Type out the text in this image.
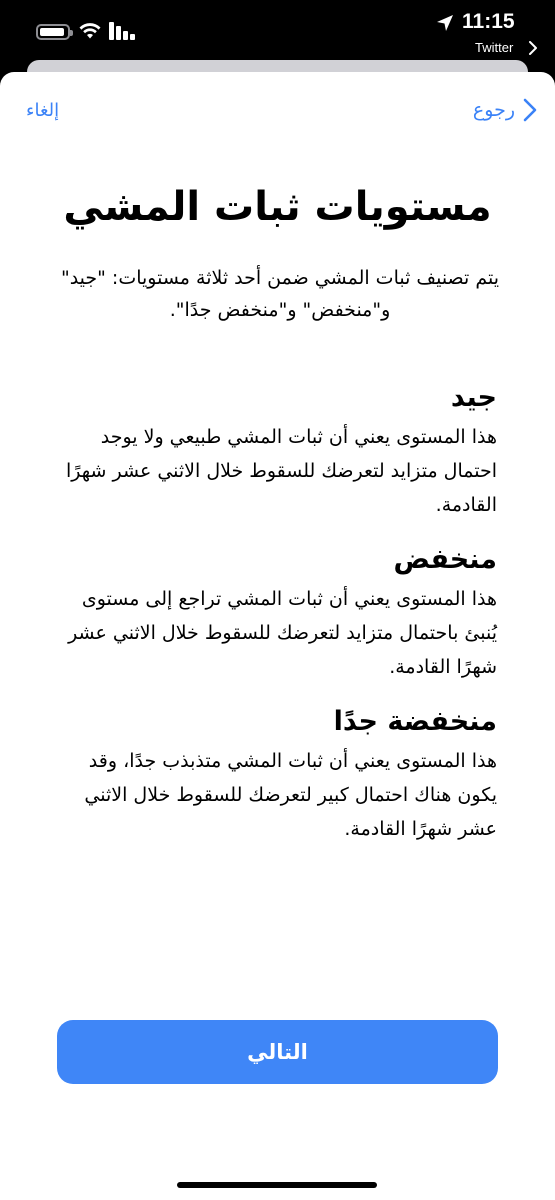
11:15
Twitter
رجوع
إلغاء
مستويات ثبات المشي
يتم تصنيف ثبات المشي ضمن أحد ثلاثة مستويات: "جيد" و"منخفض" و"منخفض جدًا".
جيد

هذا المستوى يعني أن ثبات المشي طبيعي ولا يوجد احتمال متزايد لتعرضك للسقوط خلال الاثني عشر شهرًا القادمة.

منخفض

هذا المستوى يعني أن ثبات المشي تراجع إلى مستوى يُنبئ باحتمال متزايد لتعرضك للسقوط خلال الاثني عشر شهرًا القادمة.

منخفضة جدًا

هذا المستوى يعني أن ثبات المشي متذبذب جدًا، وقد يكون هناك احتمال كبير لتعرضك للسقوط خلال الاثني عشر شهرًا القادمة.

التالي
